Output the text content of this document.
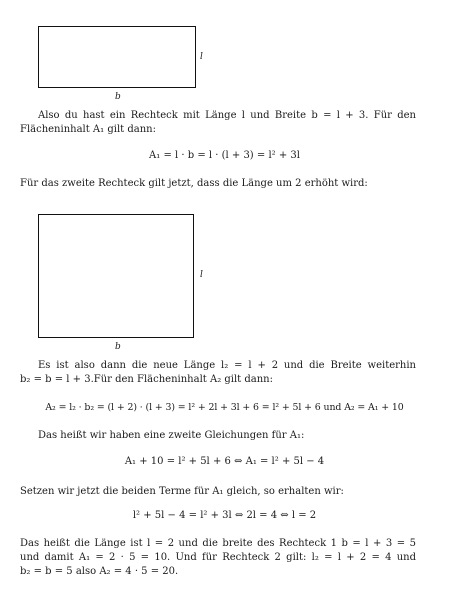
l
b
Also du hast ein Rechteck mit Länge l und Breite b = l + 3. Für den
Flächeninhalt A₁ gilt dann:
A₁ = l · b = l · (l + 3) = l² + 3l
Für das zweite Rechteck gilt jetzt, dass die Länge um 2 erhöht wird:
l
b
Es ist also dann die neue Länge l₂ = l + 2 und die Breite weiterhin
b₂ = b = l + 3.Für den Flächeninhalt A₂ gilt dann:
A₂ = l₂ · b₂ = (l + 2) · (l + 3) = l² + 2l + 3l + 6 = l² + 5l + 6 und A₂ = A₁ + 10
Das heißt wir haben eine zweite Gleichungen für A₁:
A₁ + 10 = l² + 5l + 6 ⇔ A₁ = l² + 5l − 4
Setzen wir jetzt die beiden Terme für A₁ gleich, so erhalten wir:
l² + 5l − 4 = l² + 3l ⇔ 2l = 4 ⇔ l = 2
Das heißt die Länge ist l = 2 und die breite des Rechteck 1 b = l + 3 = 5
und damit A₁ = 2 · 5 = 10. Und für Rechteck 2 gilt: l₂ = l + 2 = 4 und
b₂ = b = 5 also A₂ = 4 · 5 = 20.
